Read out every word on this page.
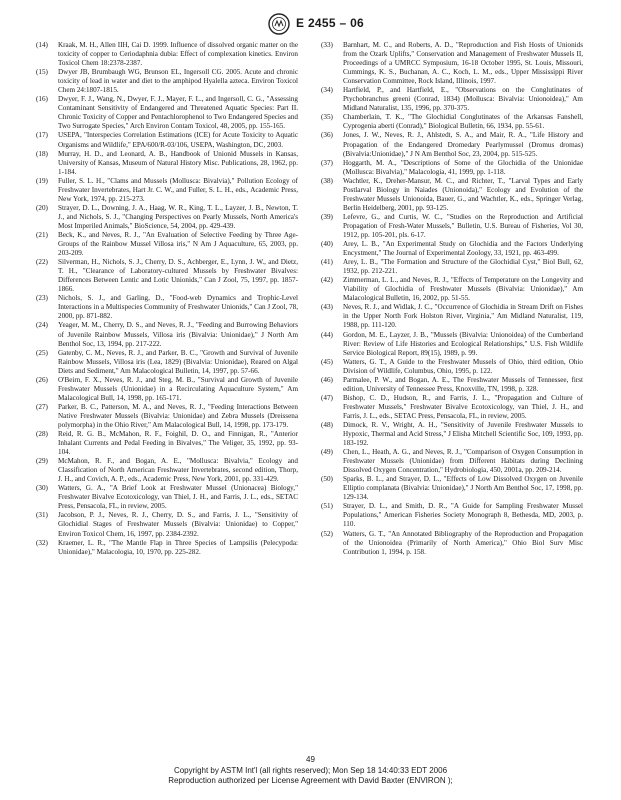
E 2455 – 06

(14) Kraak, M. H., Allen IIH, Cai D. 1999. Influence of dissolved organic matter on the toxicity of copper to Ceriodaphnia dubia: Effect of complexation kinetics. Environ Toxicol Chem 18:2378-2387.

(15) Dwyer JB, Brumbaugh WG, Brunson EL, Ingersoll CG. 2005. Acute and chronic toxicity of lead in water and diet to the amphipod Hyalella azteca. Environ Toxicol Chem 24:1807-1815.

(16) Dwyer, F. J., Wang, N., Dwyer, F. J., Mayer, F. L., and Ingersoll, C. G., "Assessing Contaminant Sensitivity of Endangered and Threatened Aquatic Species: Part II. Chronic Toxicity of Copper and Pentachlorophenol to Two Endangered Species and Two Surrogate Species," Arch Environ Contam Toxicol, 48, 2005, pp. 155-165.

(17) USEPA, "Interspecies Correlation Estimations (ICE) for Acute Toxicity to Aquatic Organisms and Wildlife," EPA/600/R-03/106, USEPA, Washington, DC, 2003.

(18) Murray, H. D., and Leonard, A. B., Handbook of Unionid Mussels in Kansas, University of Kansas, Museum of Natural History Misc. Publications, 28, 1962, pp. 1-184.

(19) Fuller, S. L. H., "Clams and Mussels (Mollusca: Bivalvia)," Pollution Ecology of Freshwater Invertebrates, Hart Jr. C. W., and Fuller, S. L. H., eds., Academic Press, New York, 1974, pp. 215-273.

(20) Strayer, D. L., Downing, J. A., Haag, W. R., King, T. L., Layzer, J. B., Newton, T. J., and Nichols, S. J., "Changing Perspectives on Pearly Mussels, North America's Most Imperiled Animals," BioScience, 54, 2004, pp. 429-439.

(21) Beck, K., and Neves, R. J., "An Evaluation of Selective Feeding by Three Age-Groups of the Rainbow Mussel Villosa iris," N Am J Aquaculture, 65, 2003, pp. 203-209.

(22) Silverman, H., Nichols, S. J., Cherry, D. S., Achberger, E., Lynn, J. W., and Dietz, T. H., "Clearance of Laboratory-cultured Mussels by Freshwater Bivalves: Differences Between Lentic and Lotic Unionids," Can J Zool, 75, 1997, pp. 1857-1866.

(23) Nichols, S. J., and Garling, D., "Food-web Dynamics and Trophic-Level Interactions in a Multispecies Community of Freshwater Unionids," Can J Zool, 78, 2000, pp. 871-882.

(24) Yeager, M. M., Cherry, D. S., and Neves, R. J., "Feeding and Burrowing Behaviors of Juvenile Rainbow Mussels, Villosa iris (Bivalvia: Unionidae)," J North Am Benthol Soc, 13, 1994, pp. 217-222.

(25) Gatenby, C. M., Neves, R. J., and Parker, B. C., "Growth and Survival of Juvenile Rainbow Mussels, Villosa iris (Lea, 1829) (Bivalvia: Unionidae), Reared on Algal Diets and Sediment," Am Malacological Bulletin, 14, 1997, pp. 57-66.

(26) O'Beirn, F. X., Neves, R. J., and Steg, M. B., "Survival and Growth of Juvenile Freshwater Mussels (Unionidae) in a Recirculating Aquaculture System," Am Malacological Bull, 14, 1998, pp. 165-171.

(27) Parker, B. C., Patterson, M. A., and Neves, R. J., "Feeding Interactions Between Native Freshwater Mussels (Bivalvia: Unionidae) and Zebra Mussels (Dreissena polymorpha) in the Ohio River," Am Malacological Bull, 14, 1998, pp. 173-179.

(28) Reid, R. G. B., McMahon, R. F., Foighil, D. O., and Finnigan, R., "Anterior Inhalant Currents and Pedal Feeding in Bivalves," The Veliger, 35, 1992, pp. 93-104.

(29) McMahon, R. F., and Bogan, A. E., "Mollusca: Bivalvia," Ecology and Classification of North American Freshwater Invertebrates, second edition, Thorp, J. H., and Covich, A. P., eds., Academic Press, New York, 2001, pp. 331-429.

(30) Watters, G. A., "A Brief Look at Freshwater Mussel (Unionacea) Biology," Freshwater Bivalve Ecotoxicology, van Thiel, J. H., and Farris, J. L., eds., SETAC Press, Pensacola, FL, in review, 2005.

(31) Jacobson, P. J., Neves, R. J., Cherry, D. S., and Farris, J. L., "Sensitivity of Glochidial Stages of Freshwater Mussels (Bivalvia: Unionidae) to Copper," Environ Toxicol Chem, 16, 1997, pp. 2384-2392.

(32) Kraemer, L. R., "The Mantle Flap in Three Species of Lampsilis (Pelecypoda: Unionidae)," Malacologia, 10, 1970, pp. 225-282.

(33) Barnhart, M. C., and Roberts, A. D., "Reproduction and Fish Hosts of Unionids from the Ozark Uplifts," Conservation and Management of Freshwater Mussels II, Proceedings of a UMRCC Symposium, 16-18 October 1995, St. Louis, Missouri, Cummings, K. S., Buchanan, A. C., Koch, L. M., eds., Upper Mississippi River Conservation Committee, Rock Island, Illinois, 1997.

(34) Hartfield, P., and Hartfield, E., "Observations on the Conglutinates of Ptychobranchus greeni (Conrad, 1834) (Mollusca: Bivalvia: Unionoidea)," Am Midland Naturalist, 135, 1996, pp. 370-375.

(35) Chamberlain, T. K., "The Glochidial Conglutinates of the Arkansas Fanshell, Cyprogenia aberti (Conrad)," Biological Bulletin, 66, 1934, pp. 55-61.

(36) Jones, J. W., Neves, R. J., Ahlstedt, S. A., and Mair, R. A., "Life History and Propagation of the Endangered Dromedary Pearlymussel (Dromus dromas) (Bivalvia:Unionidae)," J N Am Benthol Soc, 23, 2004, pp. 515-525.

(37) Hoggarth, M. A., "Descriptions of Some of the Glochidia of the Unionidae (Mollusca: Bivalvia)," Malacologia, 41, 1999, pp. 1-118.

(38) Wachtler, K., Dreher-Mansur, M. C., and Richter, T., "Larval Types and Early Postlarval Biology in Naiades (Unionoida)," Ecology and Evolution of the Freshwater Mussels Unionoida, Bauer, G., and Wachtler, K., eds., Springer Verlag, Berlin Heidelberg, 2001, pp. 93-125.

(39) Lefevre, G., and Curtis, W. C., "Studies on the Reproduction and Artificial Propagation of Fresh-Water Mussels," Bulletin, U.S. Bureau of Fisheries, Vol 30, 1912, pp. 105-201, pls. 6-17.

(40) Arey, L. B., "An Experimental Study on Glochidia and the Factors Underlying Encystment," The Journal of Experimental Zoology, 33, 1921, pp. 463-499.

(41) Arey, L. B., "The Formation and Structure of the Glochidial Cyst," Biol Bull, 62, 1932, pp. 212-221.

(42) Zimmerman, L. L., and Neves, R. J., "Effects of Temperature on the Longevity and Viability of Glochidia of Freshwater Mussels (Bivalvia: Unionidae)," Am Malacological Bulletin, 16, 2002, pp. 51-55.

(43) Neves, R. J., and Widlak, J. C., "Occurrence of Glochidia in Stream Drift on Fishes in the Upper North Fork Holston River, Virginia," Am Midland Naturalist, 119, 1988, pp. 111-120.

(44) Gordon, M. E., Layzer, J. B., "Mussels (Bivalvia: Unionoidea) of the Cumberland River: Review of Life Histories and Ecological Relationships," U.S. Fish Wildlife Service Biological Report, 89(15), 1989, p. 99.

(45) Watters, G. T., A Guide to the Freshwater Mussels of Ohio, third edition, Ohio Division of Wildlife, Columbus, Ohio, 1995, p. 122.

(46) Parmalee, P. W., and Bogan, A. E., The Freshwater Mussels of Tennessee, first edition, University of Tennessee Press, Knoxville, TN, 1998, p. 328.

(47) Bishop, C. D., Hudson, R., and Farris, J. L., "Propagation and Culture of Freshwater Mussels," Freshwater Bivalve Ecotoxicology, van Thiel, J. H., and Farris, J. L., eds., SETAC Press, Pensacola, FL, in review, 2005.

(48) Dimock, R. V., Wright, A. H., "Sensitivity of Juvenile Freshwater Mussels to Hypoxic, Thermal and Acid Stress," J Elisha Mitchell Scientific Soc, 109, 1993, pp. 183-192.

(49) Chen, L., Heath, A. G., and Neves, R. J., "Comparison of Oxygen Consumption in Freshwater Mussels (Unionidae) from Different Habitats during Declining Dissolved Oxygen Concentration," Hydrobiologia, 450, 2001a, pp. 209-214.

(50) Sparks, B. L., and Strayer, D. L., "Effects of Low Dissolved Oxygen on Juvenile Elliptio complanata (Bivalvia: Unionidae)," J North Am Benthol Soc, 17, 1998, pp. 129-134.

(51) Strayer, D. L., and Smith, D. R., "A Guide for Sampling Freshwater Mussel Populations," American Fisheries Society Monograph 8, Bethesda, MD, 2003, p. 110.

(52) Watters, G. T., "An Annotated Bibliography of the Reproduction and Propagation of the Unionoidea (Primarily of North America)," Ohio Biol Surv Misc Contribution 1, 1994, p. 158.

49
Copyright by ASTM Int'l (all rights reserved); Mon Sep 18 14:40:33 EDT 2006
Reproduction authorized per License Agreement with David Baxter (ENVIRON );
